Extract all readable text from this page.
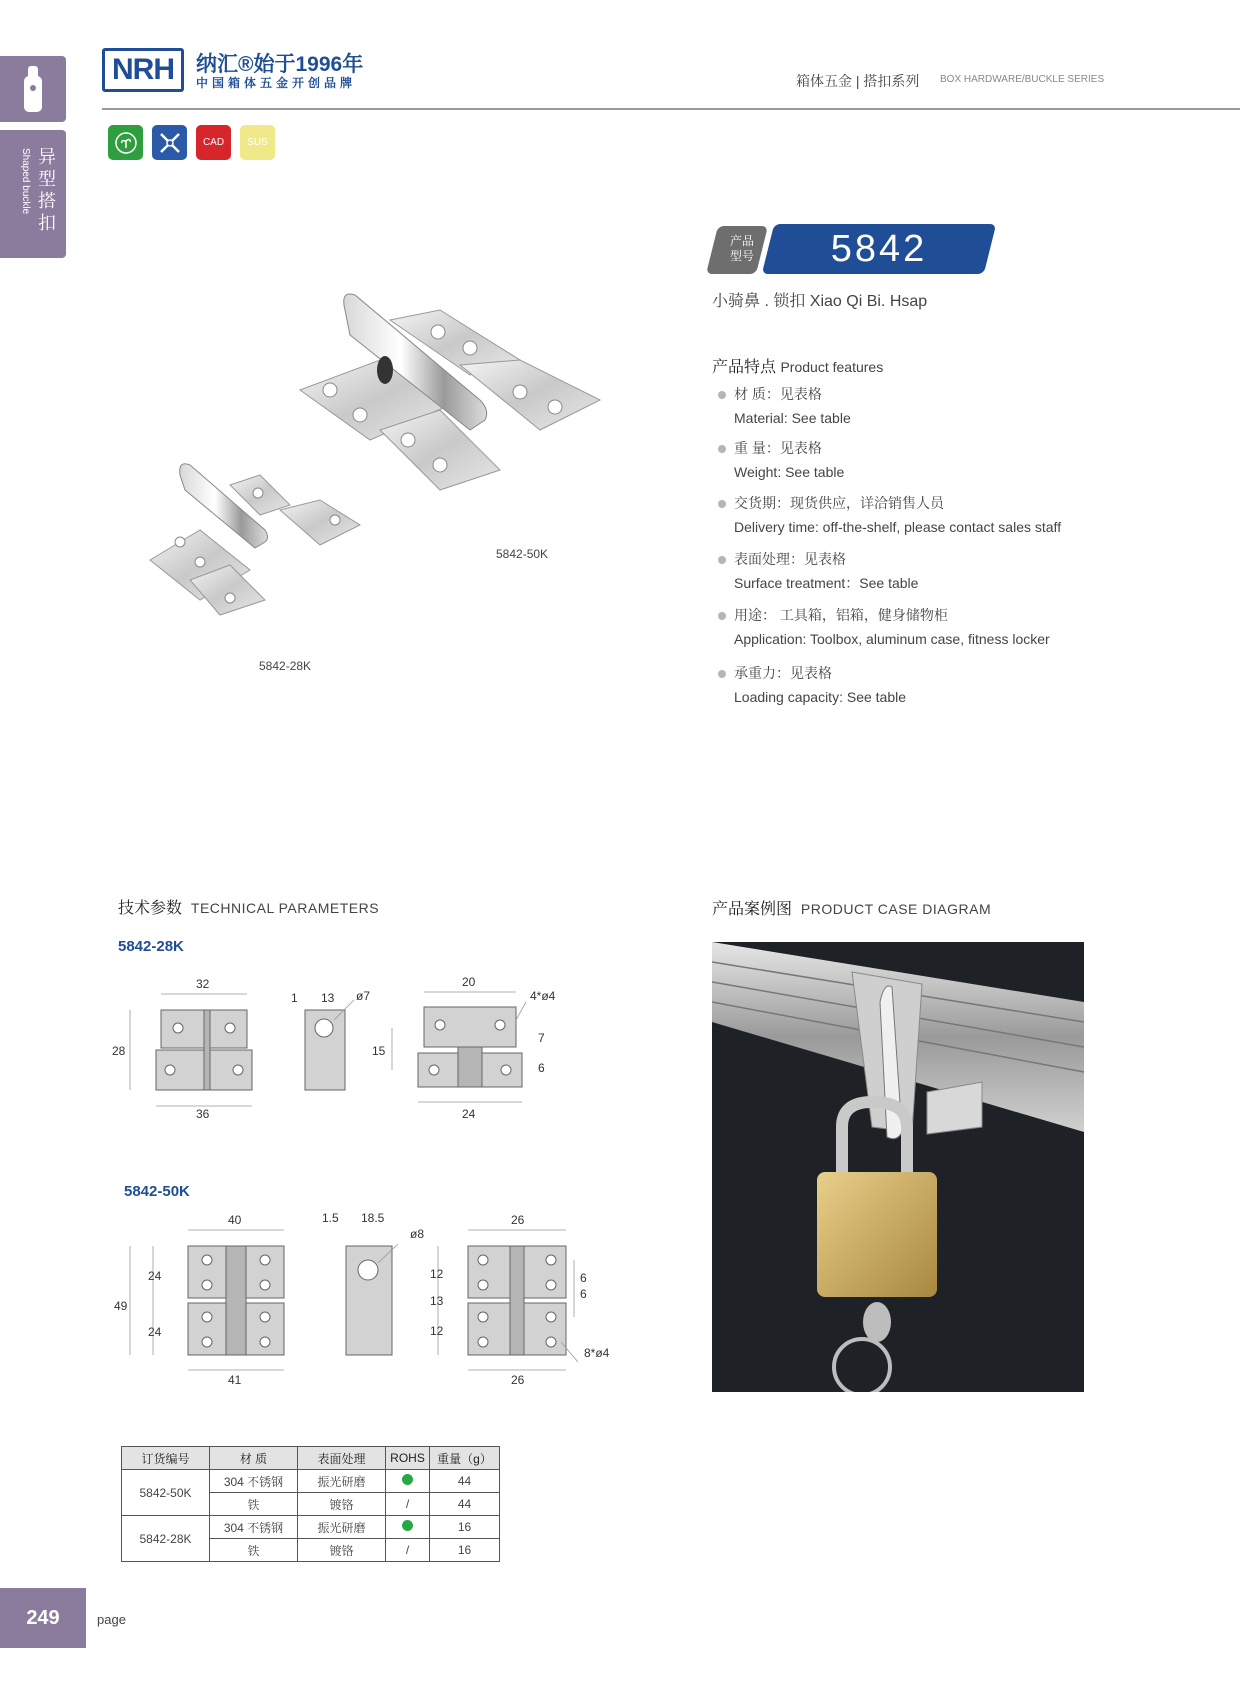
异型搭扣
Shaped buckle
NRH	纳汇®始于1996年
中国箱体五金开创品牌	箱体五金 | 搭扣系列 BOX HARDWARE/BUCKLE SERIES
CAD SUS
产品
型号	5842
小骑鼻 . 锁扣 Xiao Qi Bi. Hsap
产品特点 Product features
材 质：见表格
Material: See table
重 量：见表格
Weight: See table
交货期：现货供应，详洽销售人员
Delivery time: off-the-shelf, please contact sales staff
表面处理：见表格
Surface treatment：See table
用途： 工具箱，铝箱，健身储物柜
Application: Toolbox, aluminum case, fitness locker
承重力：见表格
Loading capacity: See table
5842-50K
5842-28K
技术参数 TECHNICAL PARAMETERS
5842-28K
5842-50K
32
36
28
1 13 ø7
20
24
15
7
6
4*ø4
40
41
49
24
24
1.5 18.5
ø8
26
26
12
13
12
6
6
8*ø4
订货编号	材 质	表面处理	ROHS	重量（g）
5842-50K	304 不锈钢	振光研磨		44
	铁	镀铬	/	44
5842-28K	304 不锈钢	振光研磨		16
	铁	镀铬	/	16
产品案例图 PRODUCT CASE DIAGRAM
249	page
